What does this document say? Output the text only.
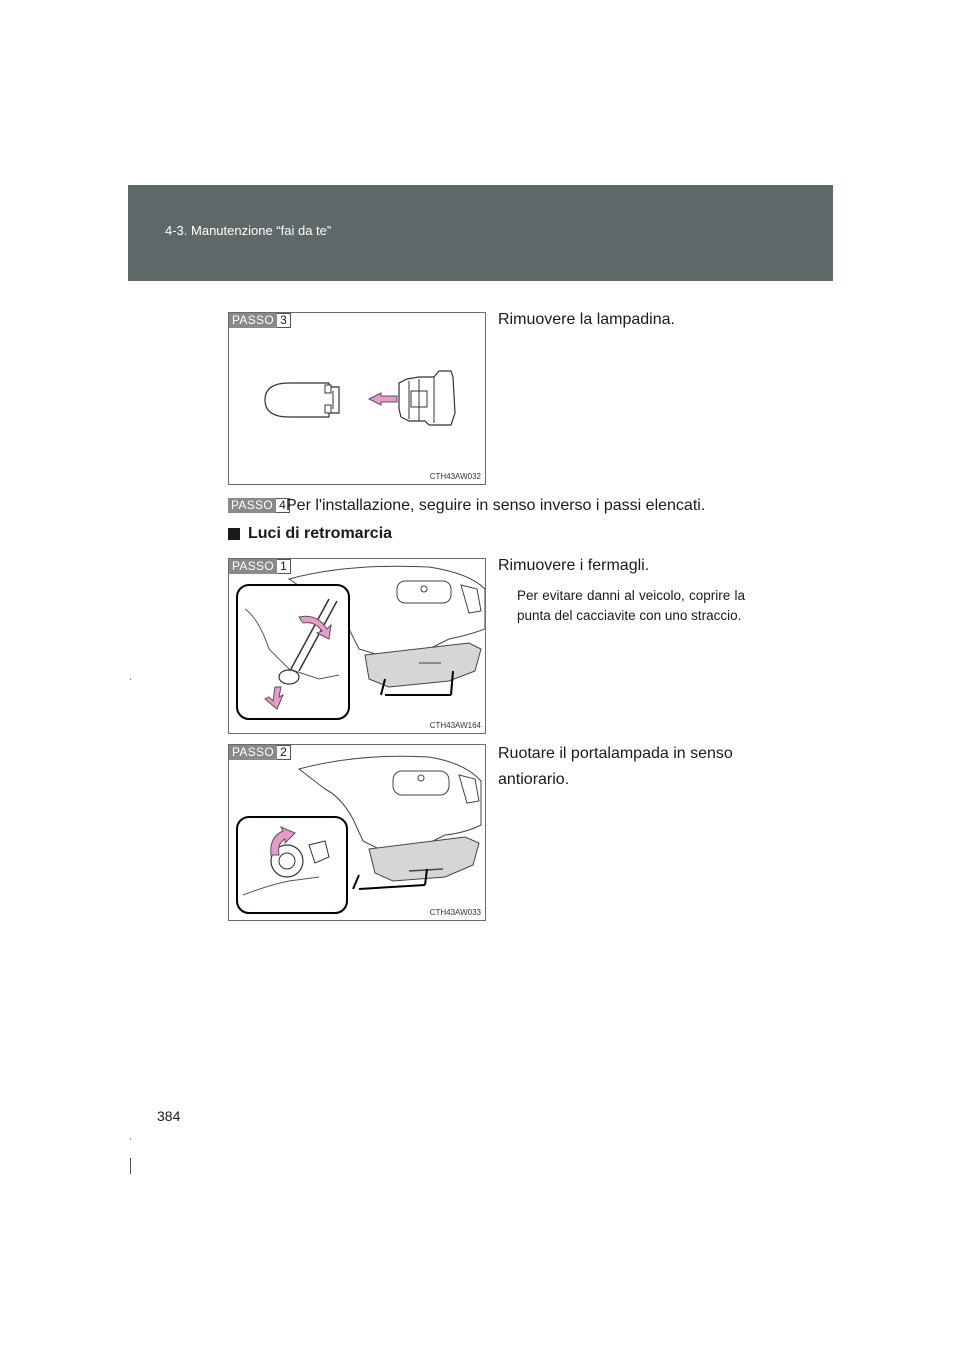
4-3. Manutenzione “fai da te”
PASSO 3
CTH43AW032
Rimuovere la lampadina.
PASSO 4 Per l'installazione, seguire in senso inverso i passi elencati.
Luci di retromarcia
PASSO 1
CTH43AW164
Rimuovere i fermagli.
Per evitare danni al veicolo, coprire la punta del cacciavite con uno straccio.
PASSO 2
CTH43AW033
Ruotare il portalampada in senso
antiorario.
384
